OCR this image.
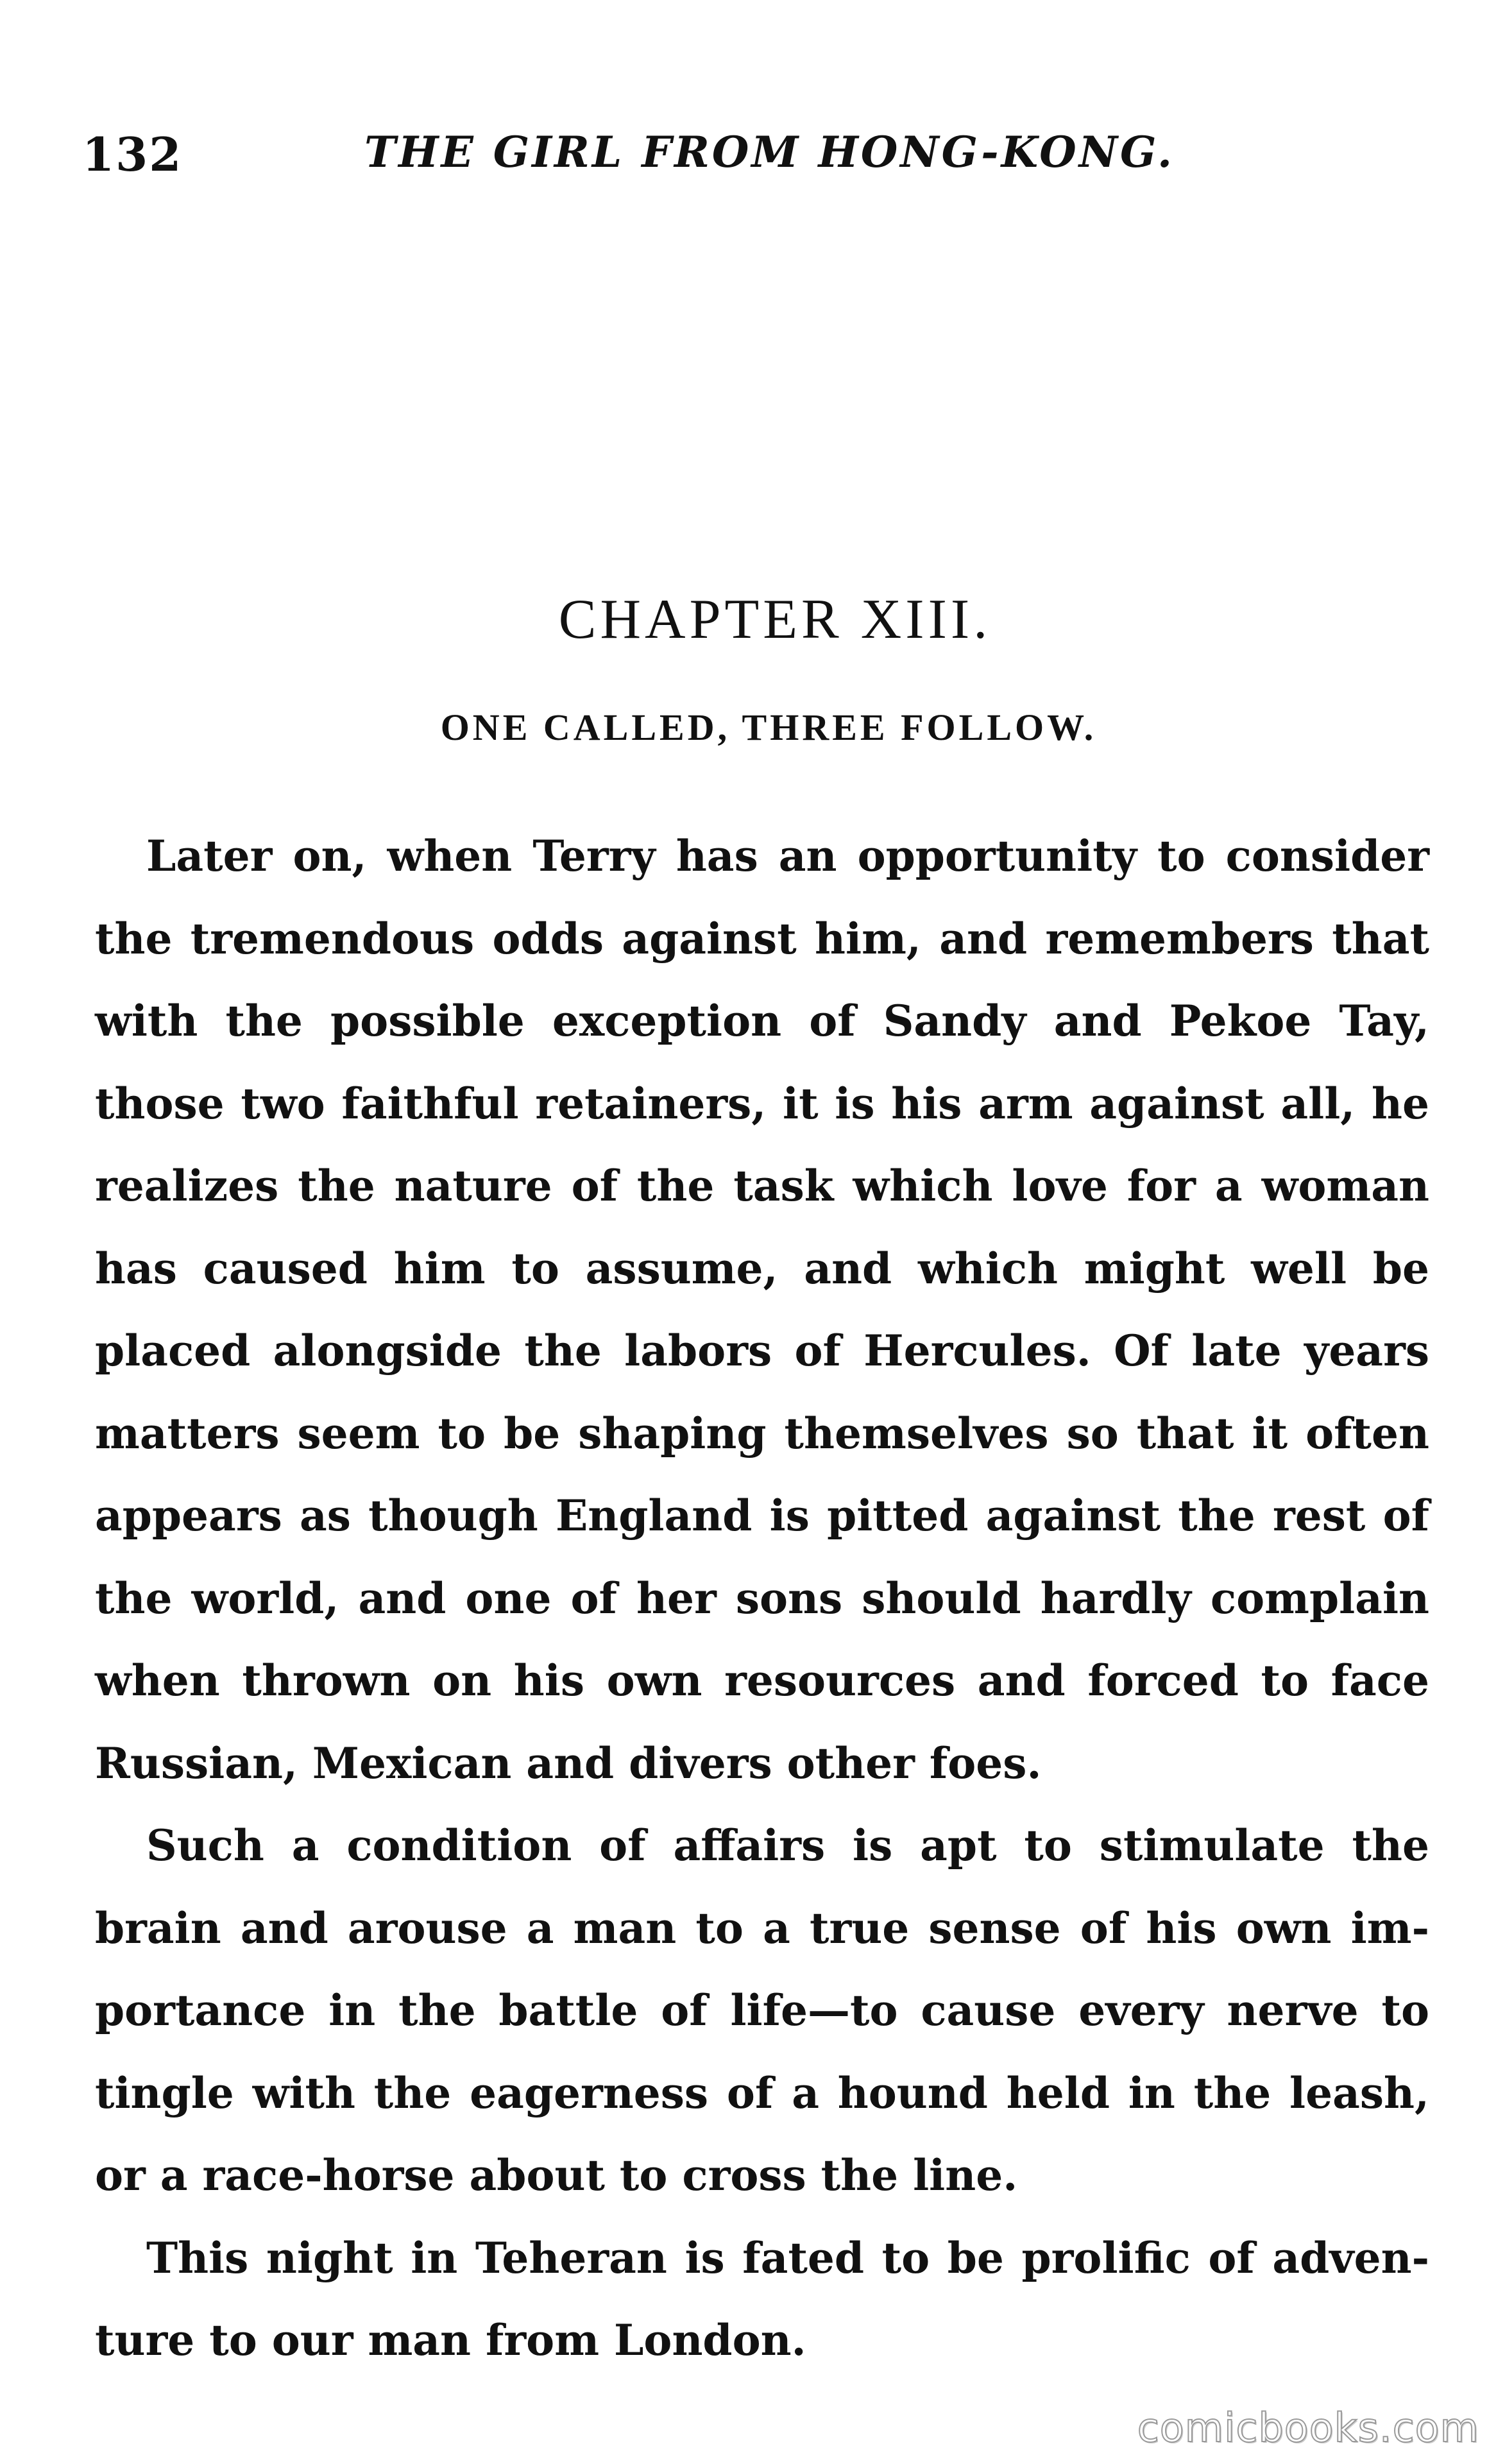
132	THE GIRL FROM HONG-KONG.
CHAPTER XIII.
ONE CALLED, THREE FOLLOW.
Later on, when Terry has an opportunity to consider
the tremendous odds against him, and remembers that
with the possible exception of Sandy and Pekoe Tay,
those two faithful retainers, it is his arm against all, he
realizes the nature of the task which love for a woman
has caused him to assume, and which might well be
placed alongside the labors of Hercules. Of late years
matters seem to be shaping themselves so that it often
appears as though England is pitted against the rest of
the world, and one of her sons should hardly complain
when thrown on his own resources and forced to face
Russian, Mexican and divers other foes.
Such a condition of affairs is apt to stimulate the
brain and arouse a man to a true sense of his own im-
portance in the battle of life—to cause every nerve to
tingle with the eagerness of a hound held in the leash,
or a race-horse about to cross the line.
This night in Teheran is fated to be prolific of adven-
ture to our man from London.
comicbooks.com
